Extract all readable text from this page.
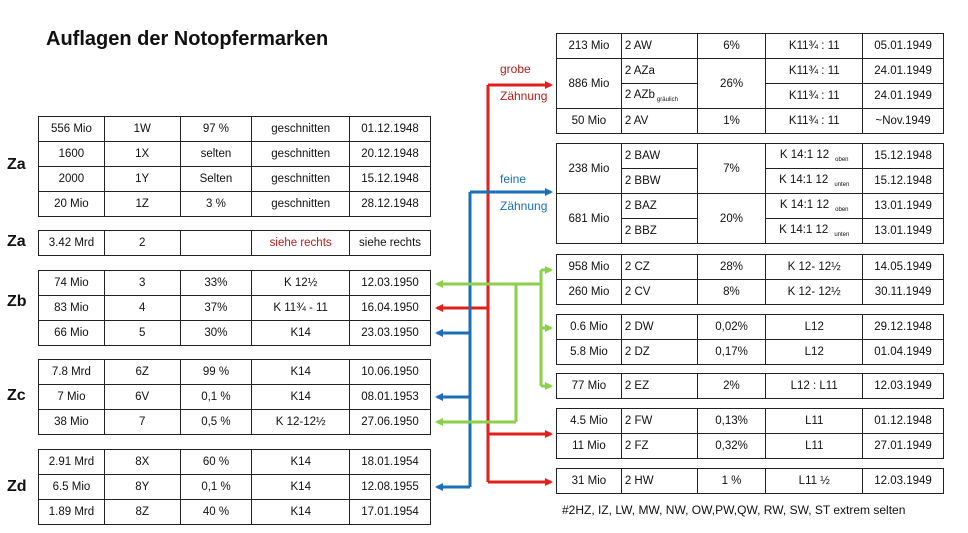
Auflagen der Notopfermarken
Za
Za
Zb
Zc
Zd
556 Mio	1W	97 %	geschnitten	01.12.1948
1600	1X	selten	geschnitten	20.12.1948
2000	1Y	Selten	geschnitten	15.12.1948
20 Mio	1Z	3 %	geschnitten	28.12.1948
3.42 Mrd	2		siehe rechts	siehe rechts
74 Mio	3	33%	K 12½	12.03.1950
83 Mio	4	37%	K 11¾ - 11	16.04.1950
66 Mio	5	30%	K14	23.03.1950
7.8 Mrd	6Z	99 %	K14	10.06.1950
7 Mio	6V	0,1 %	K14	08.01.1953
38 Mio	7	0,5 %	K 12-12½	27.06.1950
2.91 Mrd	8X	60 %	K14	18.01.1954
6.5 Mio	8Y	0,1 %	K14	12.08.1955
1.89 Mrd	8Z	40 %	K14	17.01.1954
213 Mio	2 AW	6%	K11¾ : 11	05.01.1949
886 Mio	2 AZa	26%	K11¾ : 11	24.01.1949
	2 AZb $_{gräulich}$		K11¾ : 11	24.01.1949
50 Mio	2 AV	1%	K11¾ : 11	~Nov.1949
238 Mio	2 BAW	7%	K 14:1 12 $_{oben}$	15.12.1948
	2 BBW		K 14:1 12 $_{unten}$	15.12.1948
681 Mio	2 BAZ	20%	K 14:1 12 $_{oben}$	13.01.1949
	2 BBZ		K 14:1 12 $_{unten}$	13.01.1949
958 Mio	2 CZ	28%	K 12- 12½	14.05.1949
260 Mio	2 CV	8%	K 12- 12½	30.11.1949
0.6 Mio	2 DW	0,02%	L12	29.12.1948
5.8 Mio	2 DZ	0,17%	L12	01.04.1949
77 Mio	2 EZ	2%	L12 : L11	12.03.1949
4.5 Mio	2 FW	0,13%	L11	01.12.1948
11 Mio	2 FZ	0,32%	L11	27.01.1949
31 Mio	2 HW	1 %	L11 ½	12.03.1949
grobe
Zähnung
feine
Zähnung
#2HZ, IZ, LW, MW, NW, OW,PW,QW, RW, SW, ST extrem selten
